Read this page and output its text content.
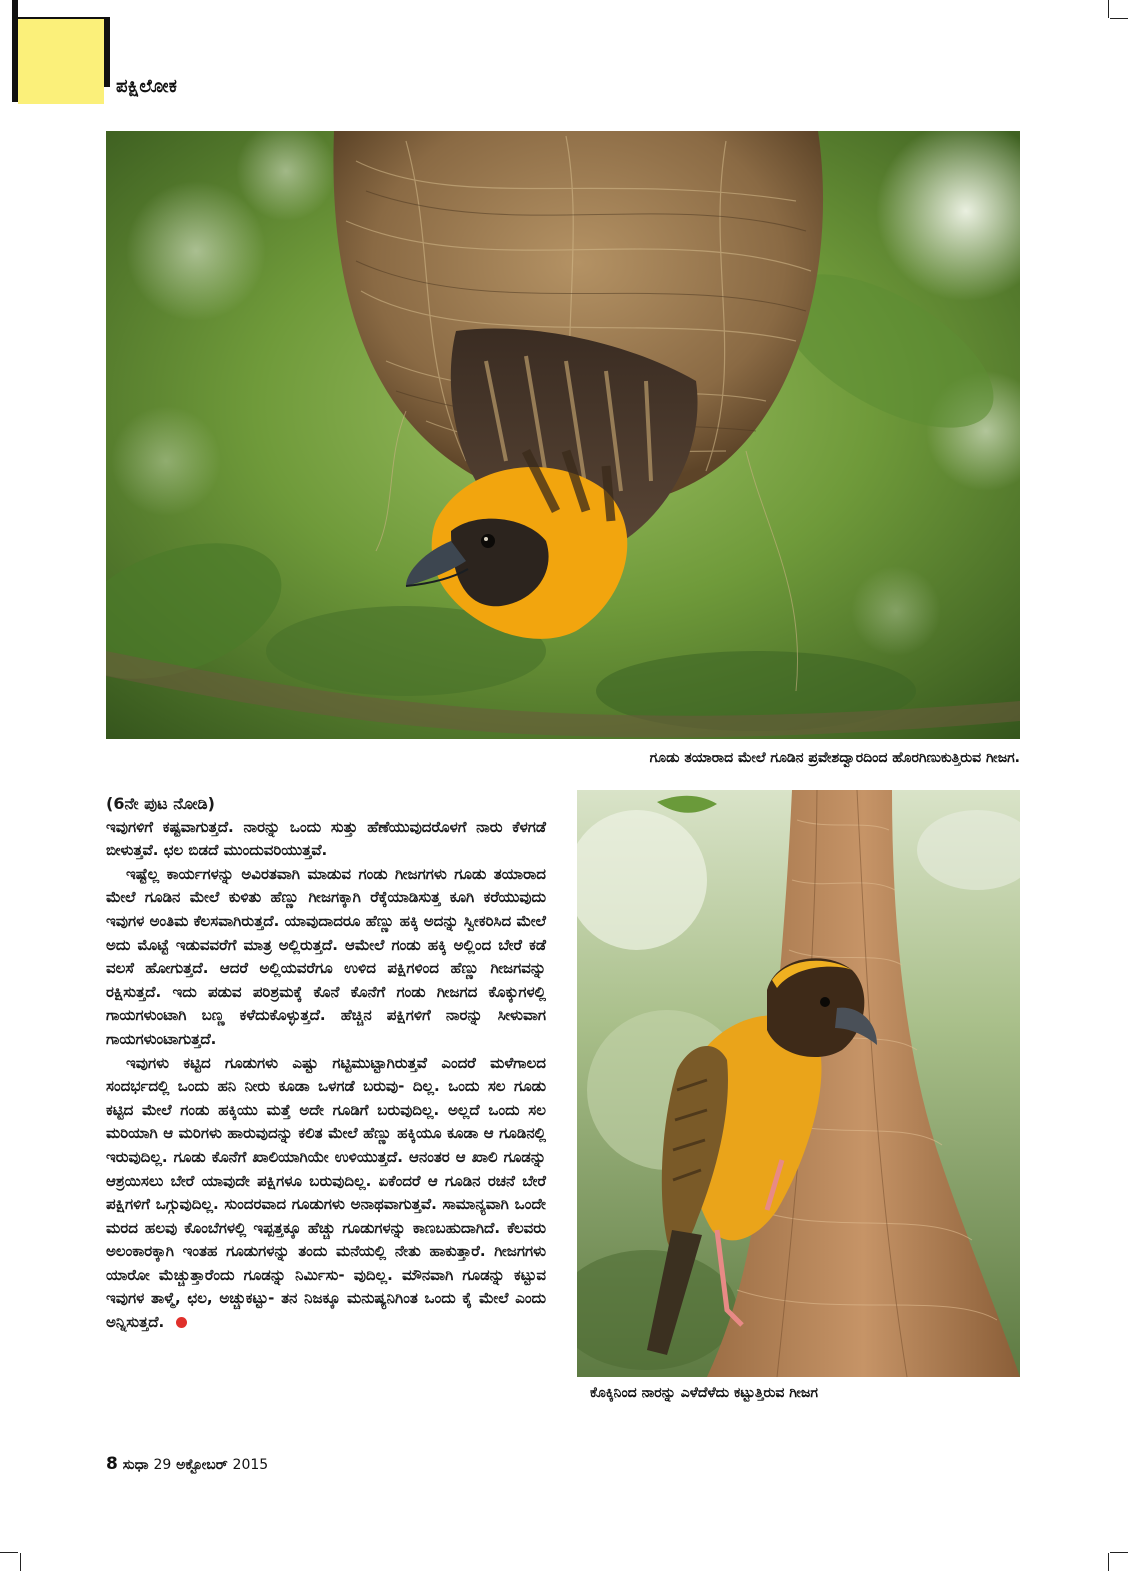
ಪಕ್ಷಿಲೋಕ
ಗೂಡು ತಯಾರಾದ ಮೇಲೆ ಗೂಡಿನ ಪ್ರವೇಶದ್ವಾರದಿಂದ ಹೊರಗಿಣುಕುತ್ತಿರುವ ಗೀಜಗ.
ಕೊಕ್ಕಿನಿಂದ ನಾರನ್ನು ಎಳೆದೆಳೆದು ಕಟ್ಟುತ್ತಿರುವ ಗೀಜಗ

(6ನೇ ಪುಟ ನೋಡಿ)

ಇವುಗಳಿಗೆ ಕಷ್ಟವಾಗುತ್ತದೆ. ನಾರನ್ನು ಒಂದು ಸುತ್ತು ಹೆಣೆಯುವುದರೊಳಗೆ ನಾರು ಕೆಳಗಡೆ ಬೀಳುತ್ತವೆ. ಛಲ ಬಿಡದೆ ಮುಂದುವರಿಯುತ್ತವೆ.

ಇಷ್ಟೆಲ್ಲ ಕಾರ್ಯಗಳನ್ನು ಅವಿರತವಾಗಿ ಮಾಡುವ ಗಂಡು ಗೀಜಗಗಳು ಗೂಡು ತಯಾರಾದ ಮೇಲೆ ಗೂಡಿನ ಮೇಲೆ ಕುಳಿತು ಹೆಣ್ಣು ಗೀಜಗಕ್ಕಾಗಿ ರೆಕ್ಕೆಯಾಡಿಸುತ್ತ ಕೂಗಿ ಕರೆಯುವುದು ಇವುಗಳ ಅಂತಿಮ ಕೆಲಸವಾಗಿರುತ್ತದೆ. ಯಾವುದಾದರೂ ಹೆಣ್ಣು ಹಕ್ಕಿ ಅದನ್ನು ಸ್ವೀಕರಿಸಿದ ಮೇಲೆ ಅದು ಮೊಟ್ಟೆ ಇಡುವವರೆಗೆ ಮಾತ್ರ ಅಲ್ಲಿರುತ್ತದೆ. ಆಮೇಲೆ ಗಂಡು ಹಕ್ಕಿ ಅಲ್ಲಿಂದ ಬೇರೆ ಕಡೆ ವಲಸೆ ಹೋಗುತ್ತದೆ. ಆದರೆ ಅಲ್ಲಿಯವರೆಗೂ ಉಳಿದ ಪಕ್ಷಿಗಳಿಂದ ಹೆಣ್ಣು ಗೀಜಗವನ್ನು ರಕ್ಷಿಸುತ್ತದೆ. ಇದು ಪಡುವ ಪರಿಶ್ರಮಕ್ಕೆ ಕೊನೆ ಕೊನೆಗೆ ಗಂಡು ಗೀಜಗದ ಕೊಕ್ಕುಗಳಲ್ಲಿ ಗಾಯಗಳುಂಟಾಗಿ ಬಣ್ಣ ಕಳೆದುಕೊಳ್ಳುತ್ತದೆ. ಹೆಚ್ಚಿನ ಪಕ್ಷಿಗಳಿಗೆ ನಾರನ್ನು ಸೀಳುವಾಗ ಗಾಯಗಳುಂಟಾಗುತ್ತದೆ.

ಇವುಗಳು ಕಟ್ಟಿದ ಗೂಡುಗಳು ಎಷ್ಟು ಗಟ್ಟಿಮುಟ್ಟಾಗಿರುತ್ತವೆ ಎಂದರೆ ಮಳೆಗಾಲದ ಸಂದರ್ಭದಲ್ಲಿ ಒಂದು ಹನಿ ನೀರು ಕೂಡಾ ಒಳಗಡೆ ಬರುವು- ದಿಲ್ಲ. ಒಂದು ಸಲ ಗೂಡು ಕಟ್ಟಿದ ಮೇಲೆ ಗಂಡು ಹಕ್ಕಿಯು ಮತ್ತೆ ಅದೇ ಗೂಡಿಗೆ ಬರುವುದಿಲ್ಲ. ಅಲ್ಲದೆ ಒಂದು ಸಲ ಮರಿಯಾಗಿ ಆ ಮರಿಗಳು ಹಾರುವುದನ್ನು ಕಲಿತ ಮೇಲೆ ಹೆಣ್ಣು ಹಕ್ಕಿಯೂ ಕೂಡಾ ಆ ಗೂಡಿನಲ್ಲಿ ಇರುವುದಿಲ್ಲ. ಗೂಡು ಕೊನೆಗೆ ಖಾಲಿಯಾಗಿಯೇ ಉಳಿಯುತ್ತದೆ. ಆನಂತರ ಆ ಖಾಲಿ ಗೂಡನ್ನು ಆಶ್ರಯಿಸಲು ಬೇರೆ ಯಾವುದೇ ಪಕ್ಷಿಗಳೂ ಬರುವುದಿಲ್ಲ. ಏಕೆಂದರೆ ಆ ಗೂಡಿನ ರಚನೆ ಬೇರೆ ಪಕ್ಷಿಗಳಿಗೆ ಒಗ್ಗುವುದಿಲ್ಲ. ಸುಂದರವಾದ ಗೂಡುಗಳು ಅನಾಥವಾಗುತ್ತವೆ. ಸಾಮಾನ್ಯವಾಗಿ ಒಂದೇ ಮರದ ಹಲವು ಕೊಂಬೆಗಳಲ್ಲಿ ಇಪ್ಪತ್ತಕ್ಕೂ ಹೆಚ್ಚು ಗೂಡುಗಳನ್ನು ಕಾಣಬಹುದಾಗಿದೆ. ಕೆಲವರು ಅಲಂಕಾರಕ್ಕಾಗಿ ಇಂತಹ ಗೂಡುಗಳನ್ನು ತಂದು ಮನೆಯಲ್ಲಿ ನೇತು ಹಾಕುತ್ತಾರೆ. ಗೀಜಗಗಳು ಯಾರೋ ಮೆಚ್ಚುತ್ತಾರೆಂದು ಗೂಡನ್ನು ನಿರ್ಮಿಸು- ವುದಿಲ್ಲ. ಮೌನವಾಗಿ ಗೂಡನ್ನು ಕಟ್ಟುವ ಇವುಗಳ ತಾಳ್ಮೆ, ಛಲ, ಅಚ್ಚುಕಟ್ಟು- ತನ ನಿಜಕ್ಕೂ ಮನುಷ್ಯನಿಗಿಂತ ಒಂದು ಕೈ ಮೇಲೆ ಎಂದು ಅನ್ನಿಸುತ್ತದೆ.

8 ಸುಧಾ 29 ಅಕ್ಟೋಬರ್ 2015
